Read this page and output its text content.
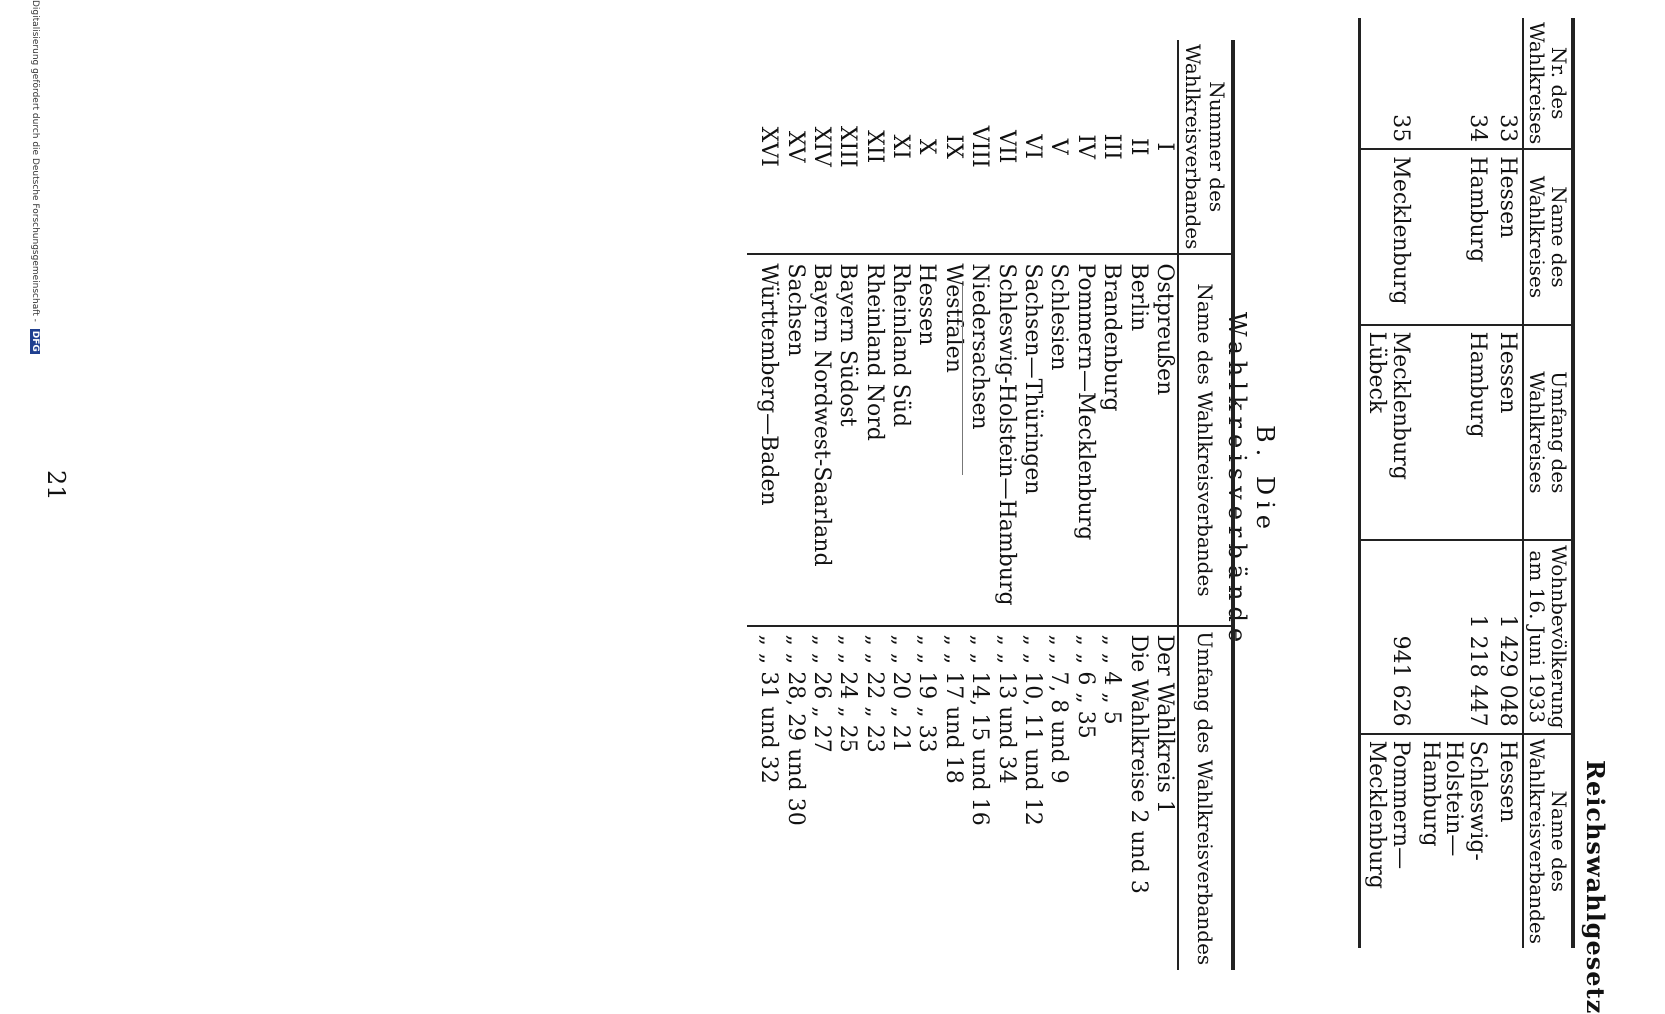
Reichswahlgesetz
Nr. des Wahlkreises	Name des Wahlkreises	Umfang des Wahlkreises	Wohnbevölkerung am 16. Juni 1933	Name des Wahlkreisverbandes
33	Hessen	Hessen	1 429 048	Hessen
34	Hamburg	Hamburg	1 218 447	Schleswig-Holstein—Hamburg
35	Mecklenburg	Mecklenburg Lübeck	941 626	Pommern—Mecklenburg
B. Die Wahlkreisverbände
Nummer des Wahlkreisverbandes	Name des Wahlkreisverbandes	Umfang des Wahlkreisverbandes
I	Ostpreußen	Der Wahlkreis 1
II	Berlin	Die Wahlkreise 2 und 3
III	Brandenburg	„ „ 4 „ 5
IV	Pommern—Mecklenburg	„ „ 6 „ 35
V	Schlesien	„ „ 7, 8 und 9
VI	Sachsen—Thüringen	„ „ 10, 11 und 12
VII	Schleswig-Holstein—Hamburg	„ „ 13 und 34
VIII	Niedersachsen	„ „ 14, 15 und 16
IX	Westfalen	„ „ 17 und 18
X	Hessen	„ „ 19 „ 33
XI	Rheinland Süd	„ „ 20 „ 21
XII	Rheinland Nord	„ „ 22 „ 23
XIII	Bayern Südost	„ „ 24 „ 25
XIV	Bayern Nordwest-Saarland	„ „ 26 „ 27
XV	Sachsen	„ „ 28, 29 und 30
XVI	Württemberg—Baden	„ „ 31 und 32
21
Digitalisierung gefördert durch die Deutsche Forschungsgemeinschaft - DFG
